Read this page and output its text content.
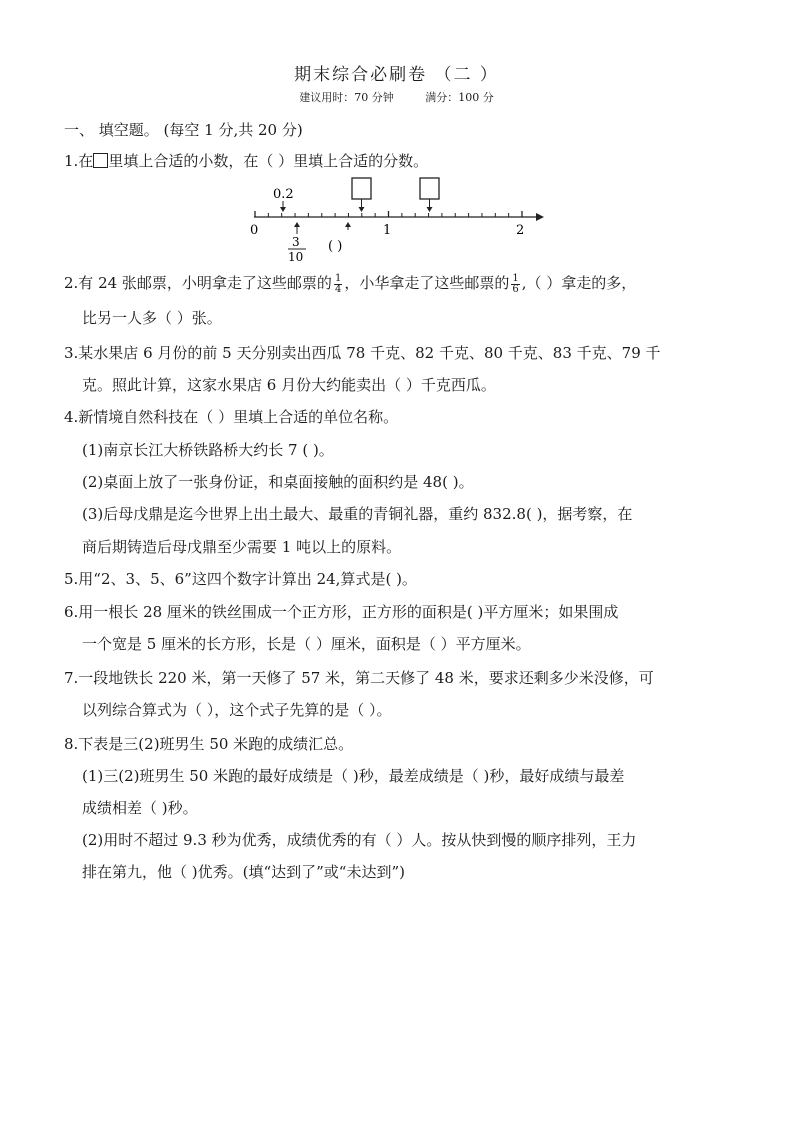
期末综合必刷卷 （二 ）
建议用时：70 分钟	满分：100 分
一、 填空题。 (每空 1 分,共 20 分)
1.在 里填上合适的小数，在（ ）里填上合适的分数。
0.2
0	1	2
3
10
( )
2.有 24 张邮票，小明拿走了这些邮票的 $\frac{1}{4}$ ，小华拿走了这些邮票的 $\frac{1}{6}$ ,（ ）拿走的多，
比另一人多（ ）张。
3.某水果店 6 月份的前 5 天分别卖出西瓜 78 千克、82 千克、80 千克、83 千克、79 千
克。照此计算，这家水果店 6 月份大约能卖出（ ）千克西瓜。
4.新情境自然科技在（ ）里填上合适的单位名称。
(1)南京长江大桥铁路桥大约长 7 ( )。
(2)桌面上放了一张身份证，和桌面接触的面积约是 48( )。
(3)后母戊鼎是迄今世界上出土最大、最重的青铜礼器，重约 832.8( )，据考察，在
商后期铸造后母戊鼎至少需要 1 吨以上的原料。
5.用“2、3、5、6”这四个数字计算出 24,算式是( )。
6.用一根长 28 厘米的铁丝围成一个正方形，正方形的面积是( )平方厘米；如果围成
一个宽是 5 厘米的长方形，长是（ ）厘米，面积是（ ）平方厘米。
7.一段地铁长 220 米，第一天修了 57 米，第二天修了 48 米，要求还剩多少米没修，可
以列综合算式为（ ），这个式子先算的是（ ）。
8.下表是三(2)班男生 50 米跑的成绩汇总。
(1)三(2)班男生 50 米跑的最好成绩是（ )秒，最差成绩是（ )秒，最好成绩与最差
成绩相差（ )秒。
(2)用时不超过 9.3 秒为优秀，成绩优秀的有（ ）人。按从快到慢的顺序排列，王力
排在第九，他（ )优秀。(填“达到了”或“未达到”)
